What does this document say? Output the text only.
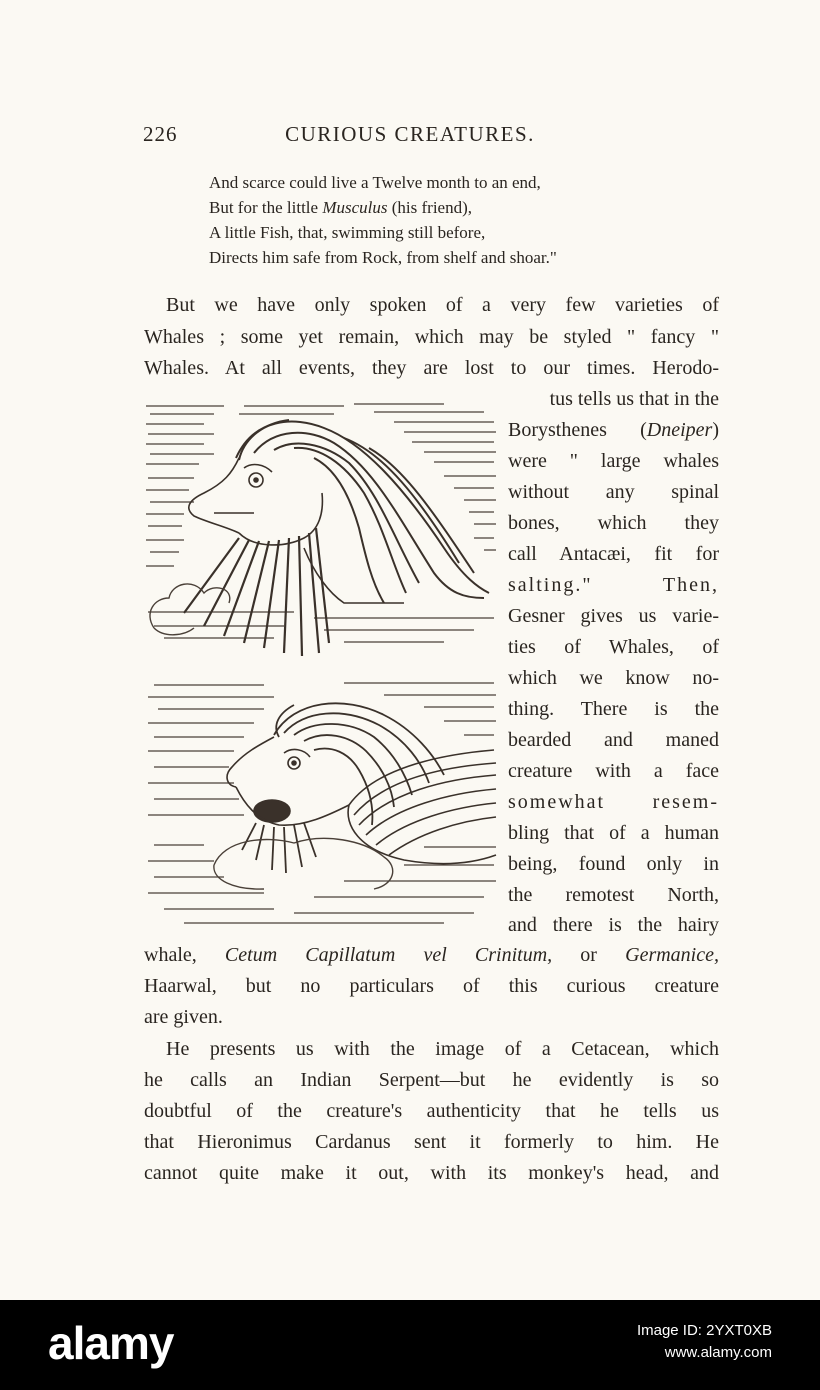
226	CURIOUS CREATURES.
And scarce could live a Twelve month to an end,
But for the little Musculus (his friend),
A little Fish, that, swimming still before,
Directs him safe from Rock, from shelf and shoar."
But we have only spoken of a very few varieties of
Whales ; some yet remain, which may be styled " fancy "
Whales. At all events, they are lost to our times. Herodo-
tus tells us that in the
Borysthenes (Dneiper)
were " large whales
without any spinal
bones, which they
call Antacæi, fit for
salting." Then,
Gesner gives us varie-
ties of Whales, of
which we know no-
thing. There is the
bearded and maned
creature with a face
somewhat resem-
bling that of a human
being, found only in
the remotest North,
and there is the hairy
whale, Cetum Capillatum vel Crinitum, or Germanice,
Haarwal, but no particulars of this curious creature
are given.
He presents us with the image of a Cetacean, which
he calls an Indian Serpent—but he evidently is so
doubtful of the creature's authenticity that he tells us
that Hieronimus Cardanus sent it formerly to him. He
cannot quite make it out, with its monkey's head, and
alamy	Image ID: 2YXT0XB
www.alamy.com
